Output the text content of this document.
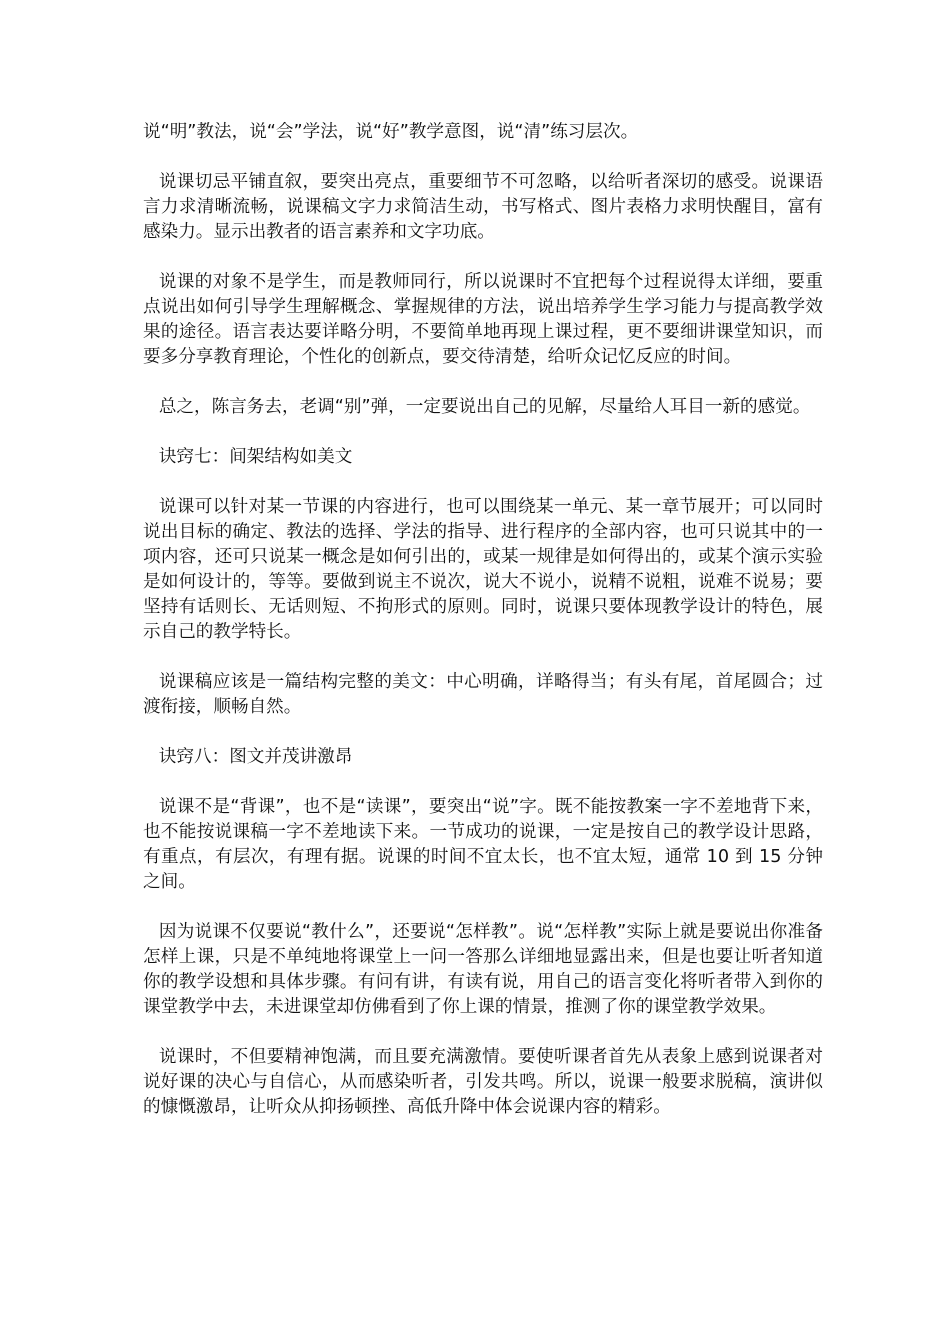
说“明”教法，说“会”学法，说“好”教学意图，说“清”练习层次。

说课切忌平铺直叙，要突出亮点，重要细节不可忽略，以给听者深切的感受。说课语言力求清晰流畅，说课稿文字力求简洁生动，书写格式、图片表格力求明快醒目，富有感染力。显示出教者的语言素养和文字功底。

说课的对象不是学生，而是教师同行，所以说课时不宜把每个过程说得太详细，要重点说出如何引导学生理解概念、掌握规律的方法，说出培养学生学习能力与提高教学效果的途径。语言表达要详略分明，不要简单地再现上课过程，更不要细讲课堂知识，而要多分享教育理论，个性化的创新点，要交待清楚，给听众记忆反应的时间。

总之，陈言务去，老调“别”弹，一定要说出自己的见解，尽量给人耳目一新的感觉。

诀窍七：间架结构如美文

说课可以针对某一节课的内容进行，也可以围绕某一单元、某一章节展开；可以同时说出目标的确定、教法的选择、学法的指导、进行程序的全部内容，也可只说其中的一项内容，还可只说某一概念是如何引出的，或某一规律是如何得出的，或某个演示实验是如何设计的，等等。要做到说主不说次，说大不说小，说精不说粗，说难不说易；要坚持有话则长、无话则短、不拘形式的原则。同时，说课只要体现教学设计的特色，展示自己的教学特长。

说课稿应该是一篇结构完整的美文：中心明确，详略得当；有头有尾，首尾圆合；过渡衔接，顺畅自然。

诀窍八：图文并茂讲激昂

说课不是“背课”，也不是“读课”，要突出“说”字。既不能按教案一字不差地背下来，也不能按说课稿一字不差地读下来。一节成功的说课，一定是按自己的教学设计思路，有重点，有层次，有理有据。说课的时间不宜太长，也不宜太短，通常 10 到 15 分钟之间。

因为说课不仅要说“教什么”，还要说“怎样教”。说“怎样教”实际上就是要说出你准备怎样上课，只是不单纯地将课堂上一问一答那么详细地显露出来，但是也要让听者知道你的教学设想和具体步骤。有问有讲，有读有说，用自己的语言变化将听者带入到你的课堂教学中去，未进课堂却仿佛看到了你上课的情景，推测了你的课堂教学效果。

说课时，不但要精神饱满，而且要充满激情。要使听课者首先从表象上感到说课者对说好课的决心与自信心，从而感染听者，引发共鸣。所以，说课一般要求脱稿，演讲似的慷慨激昂，让听众从抑扬顿挫、高低升降中体会说课内容的精彩。
